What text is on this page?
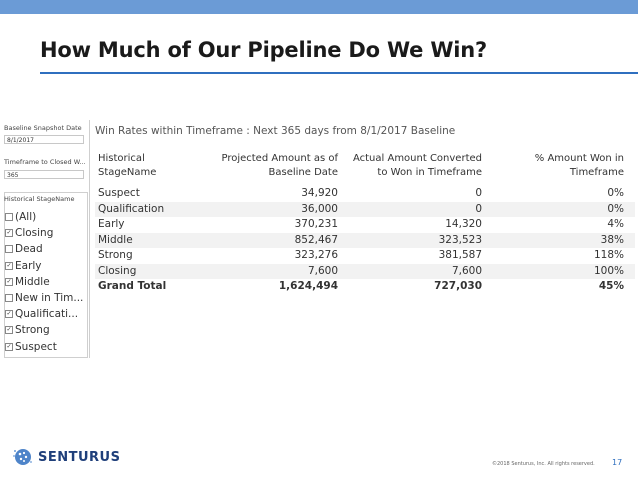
How Much of Our Pipeline Do We Win?
Baseline Snapshot Date
8/1/2017
Timeframe to Closed W...
365
Historical StageName
(All)
✓ Closing
Dead
✓ Early
✓ Middle
New in Tim...
✓ Qualificati...
✓ Strong
✓ Suspect
Win Rates within Timeframe : Next 365 days from 8/1/2017 Baseline
Historical
StageName
Projected Amount as of
Baseline Date
Actual Amount Converted
to Won in Timeframe
% Amount Won in
Timeframe
Suspect	34,920	0	0%
Qualification	36,000	0	0%
Early	370,231	14,320	4%
Middle	852,467	323,523	38%
Strong	323,276	381,587	118%
Closing	7,600	7,600	100%
Grand Total	1,624,494	727,030	45%
SENTURUS	©2018 Senturus, Inc. All rights reserved. 17
